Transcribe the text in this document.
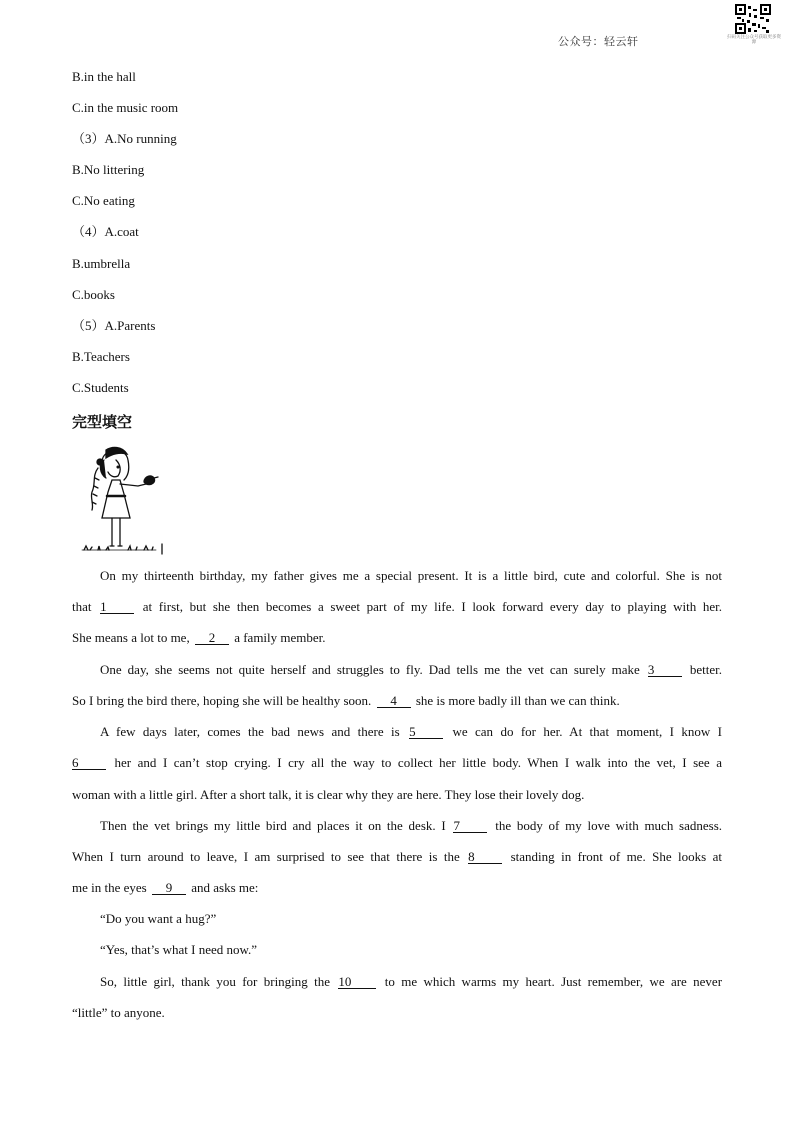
公众号：轻云轩	扫码关注公众号获取更多资源
B.in the hall
C.in the music room
（3）A.No running
B.No littering
C.No eating
（4）A.coat
B.umbrella
C.books
（5）A.Parents
B.Teachers
C.Students
完型填空
On my thirteenth birthday, my father gives me a special present. It is a little bird, cute and colorful. She is not
that 1	at first, but she then becomes a sweet part of my life. I look forward every day to playing with her.
She means a lot to me, 2 a family member.
One day, she seems not quite herself and struggles to fly. Dad tells me the vet can surely make 3	better.
So I bring the bird there, hoping she will be healthy soon. 4 she is more badly ill than we can think.
A few days later, comes the bad news and there is 5	we can do for her. At that moment, I know I
6	her and I can’t stop crying. I cry all the way to collect her little body. When I walk into the vet, I see a
woman with a little girl. After a short talk, it is clear why they are here. They lose their lovely dog.
Then the vet brings my little bird and places it on the desk. I 7	the body of my love with much sadness.
When I turn around to leave, I am surprised to see that there is the 8	standing in front of me. She looks at
me in the eyes 9 and asks me:
“Do you want a hug?”
“Yes, that’s what I need now.”
So, little girl, thank you for bringing the 10	to me which warms my heart. Just remember, we are never
“little” to anyone.
